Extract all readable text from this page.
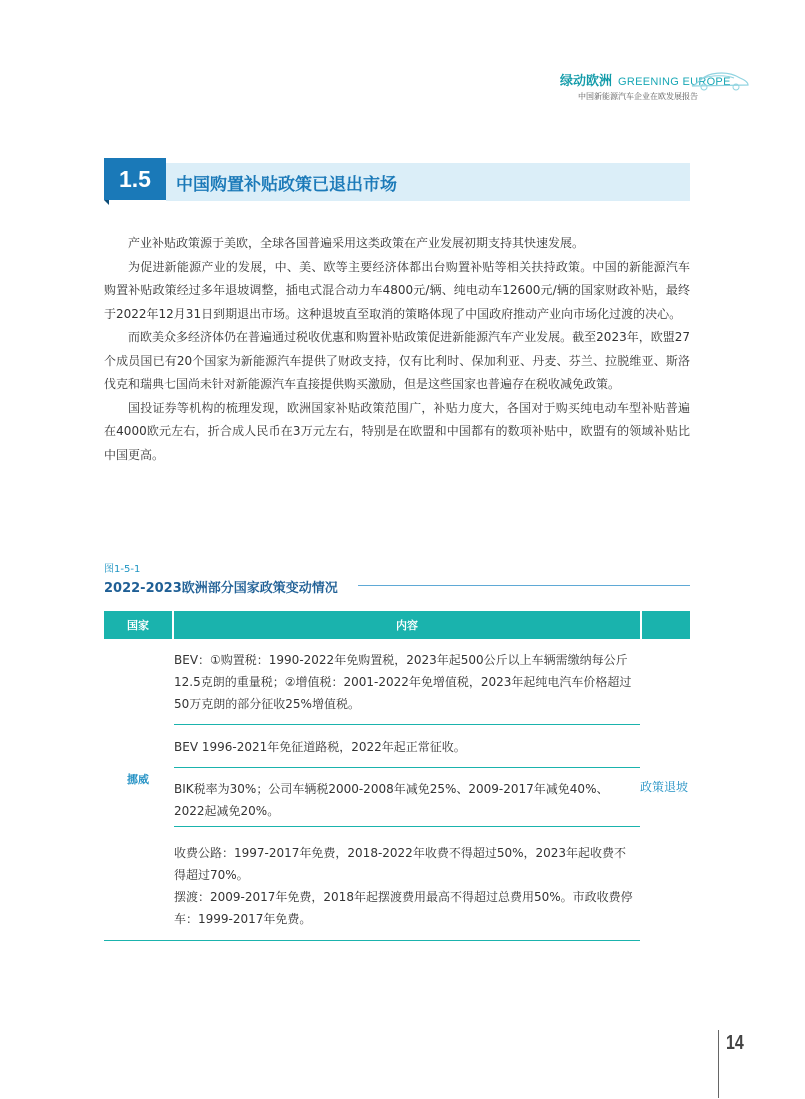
绿动欧洲 GREENING EUROPE
中国新能源汽车企业在欧发展报告
1.5	中国购置补贴政策已退出市场

产业补贴政策源于美欧，全球各国普遍采用这类政策在产业发展初期支持其快速发展。

为促进新能源产业的发展，中、美、欧等主要经济体都出台购置补贴等相关扶持政策。中国的新能源汽车购置补贴政策经过多年退坡调整，插电式混合动力车4800元/辆、纯电动车12600元/辆的国家财政补贴，最终于2022年12月31日到期退出市场。这种退坡直至取消的策略体现了中国政府推动产业向市场化过渡的决心。

而欧美众多经济体仍在普遍通过税收优惠和购置补贴政策促进新能源汽车产业发展。截至2023年，欧盟27个成员国已有20个国家为新能源汽车提供了财政支持，仅有比利时、保加利亚、丹麦、芬兰、拉脱维亚、斯洛伐克和瑞典七国尚未针对新能源汽车直接提供购买激励，但是这些国家也普遍存在税收减免政策。

国投证券等机构的梳理发现，欧洲国家补贴政策范围广，补贴力度大，各国对于购买纯电动车型补贴普遍在4000欧元左右，折合成人民币在3万元左右，特别是在欧盟和中国都有的数项补贴中，欧盟有的领域补贴比中国更高。

图1-5-1
2022-2023欧洲部分国家政策变动情况
国家	内容
挪威

BEV：①购置税：1990-2022年免购置税，2023年起500公斤以上车辆需缴纳每公斤12.5克朗的重量税；②增值税：2001-2022年免增值税，2023年起纯电汽车价格超过50万克朗的部分征收25%增值税。

BEV 1996-2021年免征道路税，2022年起正常征收。

BIK税率为30%；公司车辆税2000-2008年减免25%、2009-2017年减免40%、2022起减免20%。

收费公路：1997-2017年免费，2018-2022年收费不得超过50%，2023年起收费不得超过70%。

摆渡：2009-2017年免费，2018年起摆渡费用最高不得超过总费用50%。市政收费停车：1999-2017年免费。

政策退坡
14
